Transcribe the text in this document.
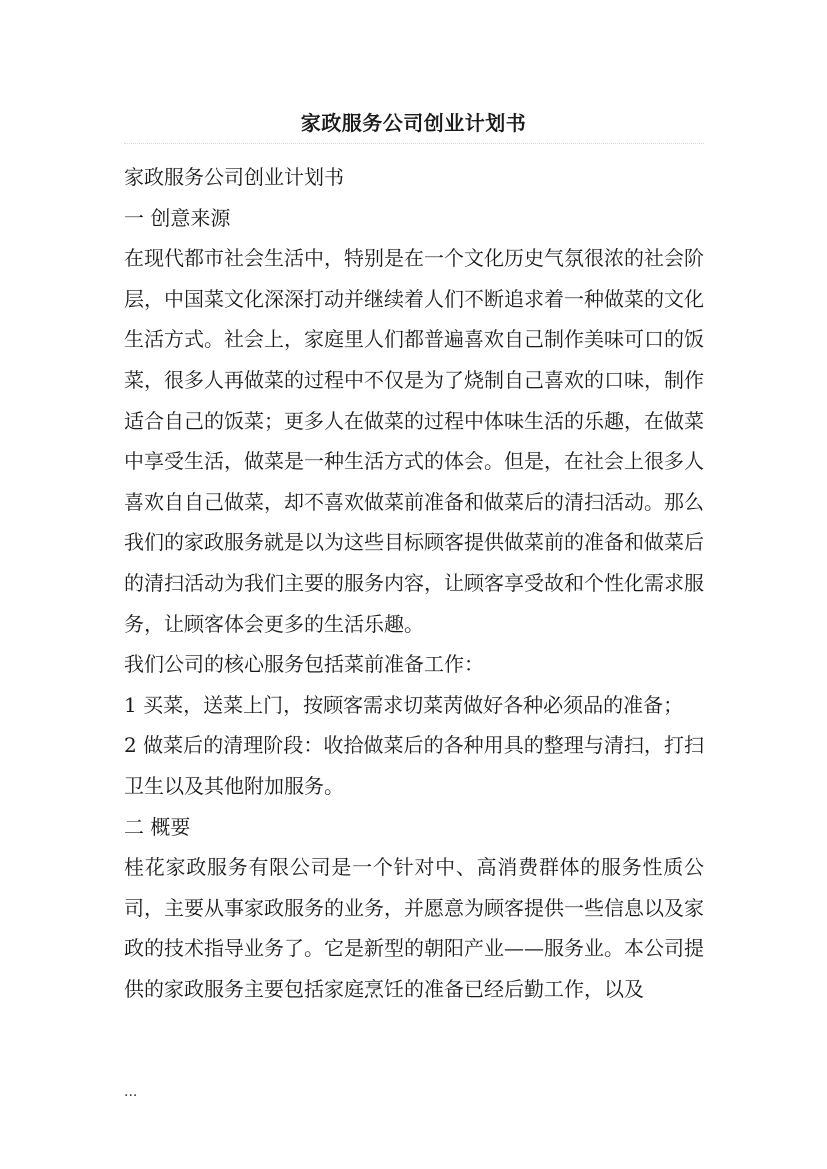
家政服务公司创业计划书

家政服务公司创业计划书

一 创意来源

在现代都市社会生活中，特别是在一个文化历史气氛很浓的社会阶层，中国菜文化深深打动并继续着人们不断追求着一种做菜的文化生活方式。社会上，家庭里人们都普遍喜欢自己制作美味可口的饭菜，很多人再做菜的过程中不仅是为了烧制自己喜欢的口味，制作适合自己的饭菜；更多人在做菜的过程中体味生活的乐趣，在做菜中享受生活，做菜是一种生活方式的体会。但是，在社会上很多人喜欢自自己做菜，却不喜欢做菜前准备和做菜后的清扫活动。那么我们的家政服务就是以为这些目标顾客提供做菜前的准备和做菜后的清扫活动为我们主要的服务内容，让顾客享受故和个性化需求服务，让顾客体会更多的生活乐趣。

我们公司的核心服务包括菜前准备工作：

1 买菜，送菜上门，按顾客需求切菜苪做好各种必须品的准备；

2 做菜后的清理阶段：收拾做菜后的各种用具的整理与清扫，打扫卫生以及其他附加服务。

二 概要

桂花家政服务有限公司是一个针对中、高消费群体的服务性质公司，主要从事家政服务的业务，并愿意为顾客提供一些信息以及家政的技术指导业务了。它是新型的朝阳产业——服务业。本公司提供的家政服务主要包括家庭烹饪的准备已经后勤工作，以及

...
